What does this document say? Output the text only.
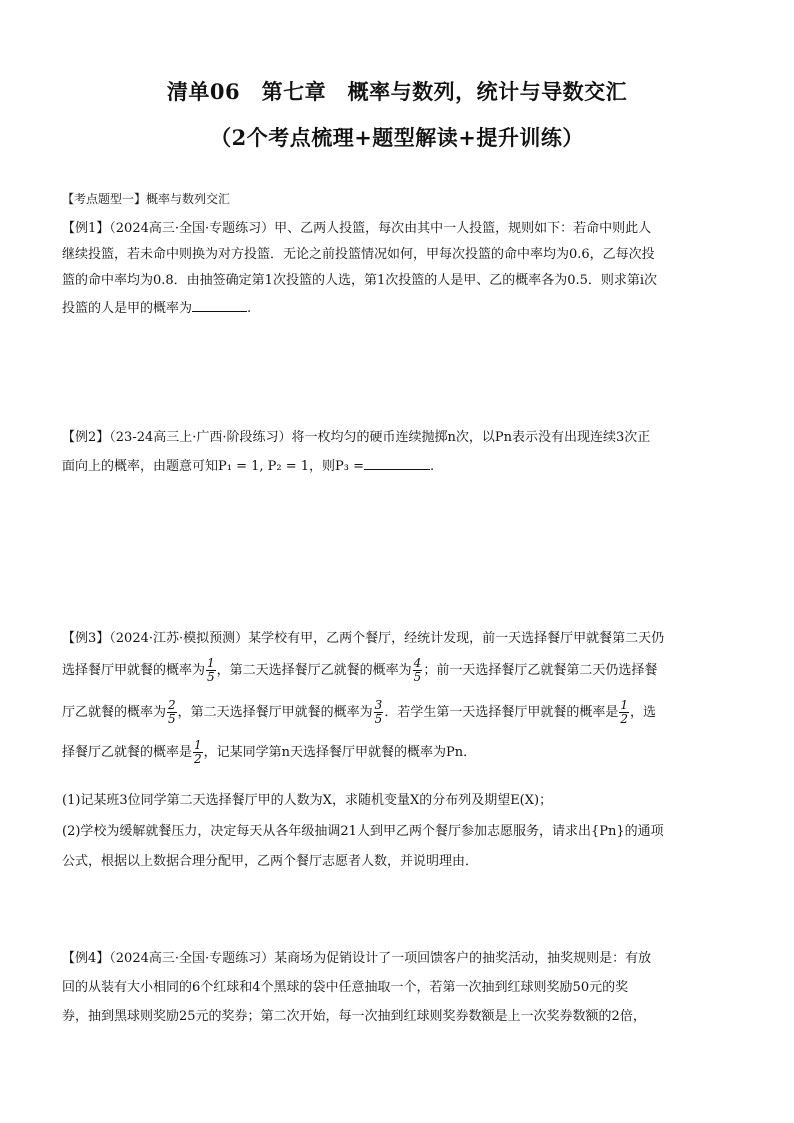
清单06　第七章　概率与数列，统计与导数交汇
（2个考点梳理+题型解读+提升训练）
【考点题型一】概率与数列交汇
【例1】（2024高三·全国·专题练习）甲、乙两人投篮，每次由其中一人投篮，规则如下：若命中则此人
继续投篮，若未命中则换为对方投篮．无论之前投篮情况如何，甲每次投篮的命中率均为0.6，乙每次投
篮的命中率均为0.8．由抽签确定第1次投篮的人选，第1次投篮的人是甲、乙的概率各为0.5．则求第i次
投篮的人是甲的概率为	.
【例2】（23-24高三上·广西·阶段练习）将一枚均匀的硬币连续抛掷n次，以Pn表示没有出现连续3次正
面向上的概率，由题意可知P₁ = 1, P₂ = 1，则P₃ =	.
【例3】（2024·江苏·模拟预测）某学校有甲，乙两个餐厅，经统计发现，前一天选择餐厅甲就餐第二天仍
选择餐厅甲就餐的概率为 $\frac{1}{5}$ ，第二天选择餐厅乙就餐的概率为 $\frac{4}{5}$ ；前一天选择餐厅乙就餐第二天仍选择餐
厅乙就餐的概率为 $\frac{2}{5}$ ，第二天选择餐厅甲就餐的概率为 $\frac{3}{5}$ ．若学生第一天选择餐厅甲就餐的概率是 $\frac{1}{2}$ ，选
择餐厅乙就餐的概率是 $\frac{1}{2}$ ，记某同学第n天选择餐厅甲就餐的概率为Pn．
(1)记某班3位同学第二天选择餐厅甲的人数为X，求随机变量X的分布列及期望E(X)；
(2)学校为缓解就餐压力，决定每天从各年级抽调21人到甲乙两个餐厅参加志愿服务，请求出{Pn}的通项
公式，根据以上数据合理分配甲，乙两个餐厅志愿者人数，并说明理由．
【例4】（2024高三·全国·专题练习）某商场为促销设计了一项回馈客户的抽奖活动，抽奖规则是：有放
回的从装有大小相同的6个红球和4个黑球的袋中任意抽取一个，若第一次抽到红球则奖励50元的奖
券，抽到黑球则奖励25元的奖券；第二次开始，每一次抽到红球则奖券数额是上一次奖券数额的2倍，
